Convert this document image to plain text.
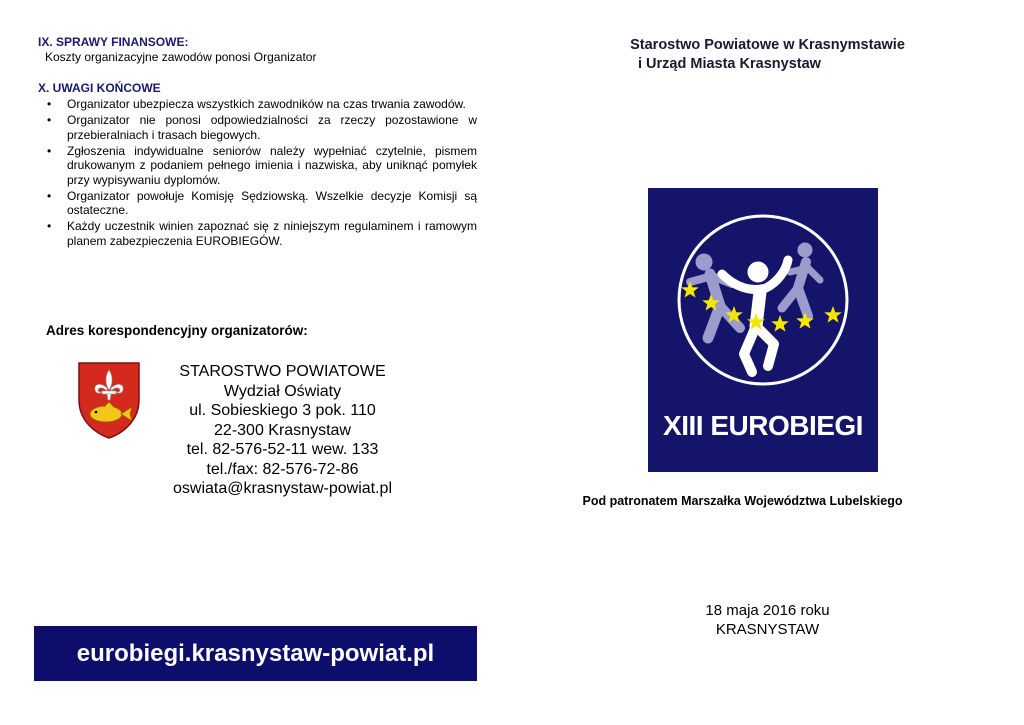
IX. SPRAWY FINANSOWE:
Koszty organizacyjne zawodów ponosi Organizator
X. UWAGI KOŃCOWE
• Organizator ubezpiecza wszystkich zawodników na czas trwania zawodów.
• Organizator nie ponosi odpowiedzialności za rzeczy pozostawione w przebieralniach i trasach biegowych.
• Zgłoszenia indywidualne seniorów należy wypełniać czytelnie, pismem drukowanym z podaniem pełnego imienia i nazwiska, aby uniknąć pomyłek przy wypisywaniu dyplomów.
• Organizator powołuje Komisję Sędziowską. Wszelkie decyzje Komisji są ostateczne.
• Każdy uczestnik winien zapoznać się z niniejszym regulaminem i ramowym planem zabezpieczenia EUROBIEGÓW.
Adres korespondencyjny organizatorów:
STAROSTWO POWIATOWE
Wydział Oświaty
ul. Sobieskiego 3 pok. 110
22-300 Krasnystaw
tel. 82-576-52-11 wew. 133
tel./fax: 82-576-72-86
oswiata@krasnystaw-powiat.pl
eurobiegi.krasnystaw-powiat.pl
Starostwo Powiatowe w Krasnymstawie
i Urząd Miasta Krasnystaw
XIII EUROBIEGI
Pod patronatem Marszałka Województwa Lubelskiego
18 maja 2016 roku
KRASNYSTAW
